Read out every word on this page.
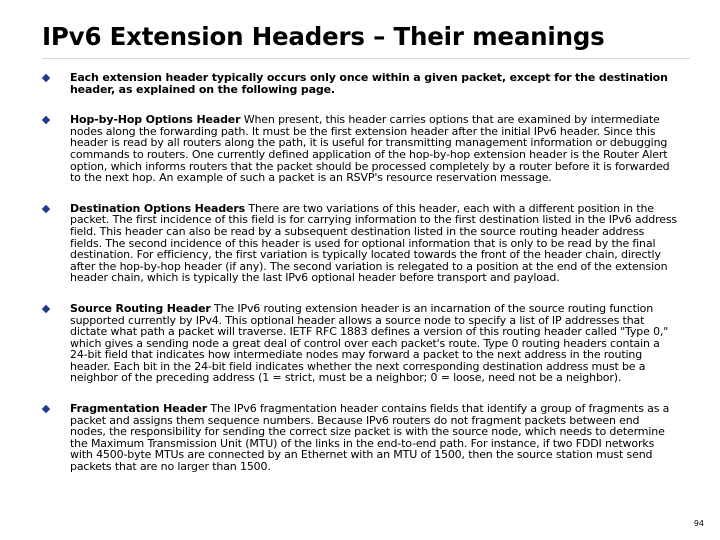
IPv6 Extension Headers – Their meanings
Each extension header typically occurs only once within a given packet, except for the destination header, as explained on the following page.
Hop-by-Hop Options Header When present, this header carries options that are examined by intermediate nodes along the forwarding path. It must be the first extension header after the initial IPv6 header. Since this header is read by all routers along the path, it is useful for transmitting management information or debugging commands to routers. One currently defined application of the hop-by-hop extension header is the Router Alert option, which informs routers that the packet should be processed completely by a router before it is forwarded to the next hop. An example of such a packet is an RSVP's resource reservation message.
Destination Options Headers There are two variations of this header, each with a different position in the packet. The first incidence of this field is for carrying information to the first destination listed in the IPv6 address field. This header can also be read by a subsequent destination listed in the source routing header address fields. The second incidence of this header is used for optional information that is only to be read by the final destination. For efficiency, the first variation is typically located towards the front of the header chain, directly after the hop-by-hop header (if any). The second variation is relegated to a position at the end of the extension header chain, which is typically the last IPv6 optional header before transport and payload.
Source Routing Header The IPv6 routing extension header is an incarnation of the source routing function supported currently by IPv4. This optional header allows a source node to specify a list of IP addresses that dictate what path a packet will traverse. IETF RFC 1883 defines a version of this routing header called "Type 0," which gives a sending node a great deal of control over each packet's route. Type 0 routing headers contain a 24-bit field that indicates how intermediate nodes may forward a packet to the next address in the routing header. Each bit in the 24-bit field indicates whether the next corresponding destination address must be a neighbor of the preceding address (1 = strict, must be a neighbor; 0 = loose, need not be a neighbor).
Fragmentation Header The IPv6 fragmentation header contains fields that identify a group of fragments as a packet and assigns them sequence numbers. Because IPv6 routers do not fragment packets between end nodes, the responsibility for sending the correct size packet is with the source node, which needs to determine the Maximum Transmission Unit (MTU) of the links in the end-to-end path. For instance, if two FDDI networks with 4500-byte MTUs are connected by an Ethernet with an MTU of 1500, then the source station must send packets that are no larger than 1500.
94
